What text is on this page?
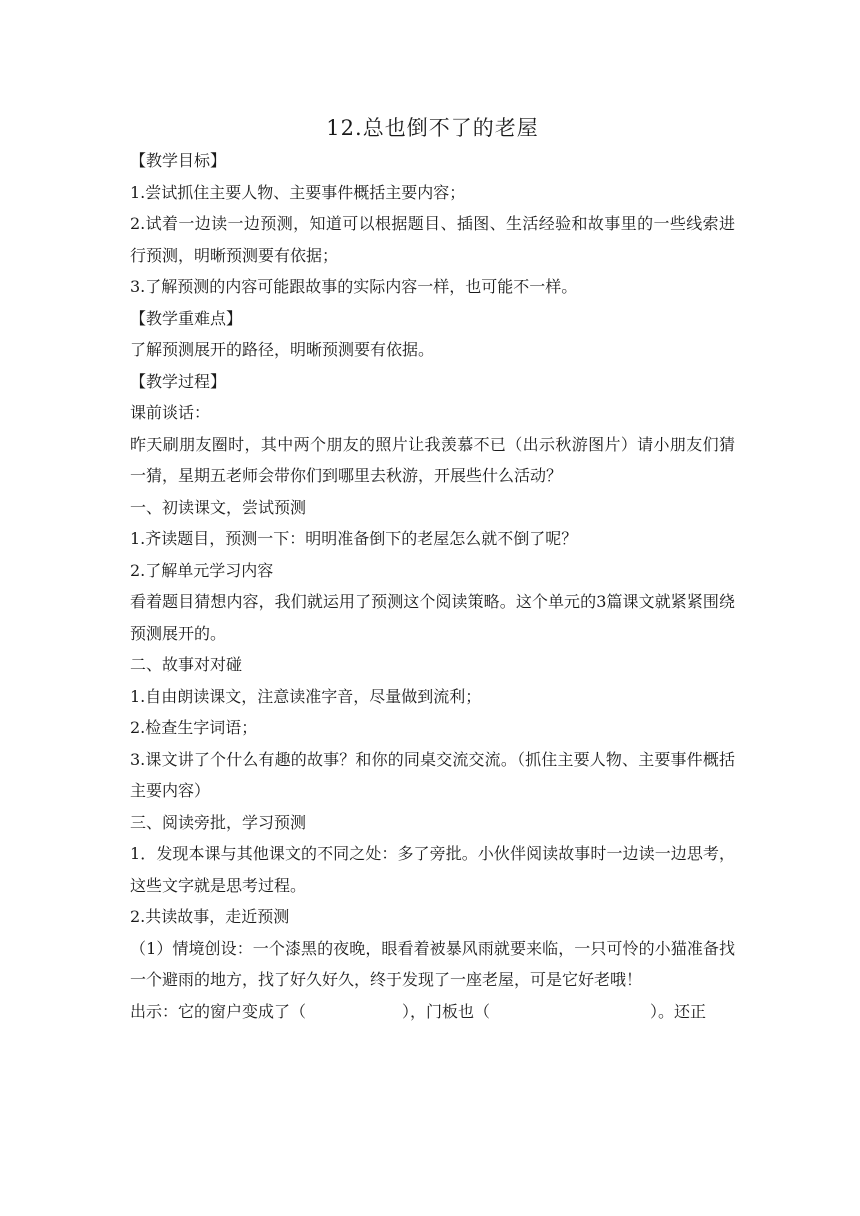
12.总也倒不了的老屋

【教学目标】

1.尝试抓住主要人物、主要事件概括主要内容；

2.试着一边读一边预测，知道可以根据题目、插图、生活经验和故事里的一些线索进行预测，明晰预测要有依据；

3.了解预测的内容可能跟故事的实际内容一样，也可能不一样。

【教学重难点】

了解预测展开的路径，明晰预测要有依据。

【教学过程】

课前谈话：

昨天刷朋友圈时，其中两个朋友的照片让我羡慕不已（出示秋游图片）请小朋友们猜一猜，星期五老师会带你们到哪里去秋游，开展些什么活动？

一、初读课文，尝试预测

1.齐读题目，预测一下：明明准备倒下的老屋怎么就不倒了呢？

2.了解单元学习内容

看着题目猜想内容，我们就运用了预测这个阅读策略。这个单元的3篇课文就紧紧围绕预测展开的。

二、故事对对碰

1.自由朗读课文，注意读准字音，尽量做到流利；

2.检查生字词语；

3.课文讲了个什么有趣的故事？和你的同桌交流交流。（抓住主要人物、主要事件概括主要内容）

三、阅读旁批，学习预测

1．发现本课与其他课文的不同之处：多了旁批。小伙伴阅读故事时一边读一边思考，这些文字就是思考过程。

2.共读故事，走近预测

（1）情境创设：一个漆黑的夜晚，眼看着被暴风雨就要来临，一只可怜的小猫准备找一个避雨的地方，找了好久好久，终于发现了一座老屋，可是它好老哦！

出示：它的窗户变成了（	），门板也（	）。还正
